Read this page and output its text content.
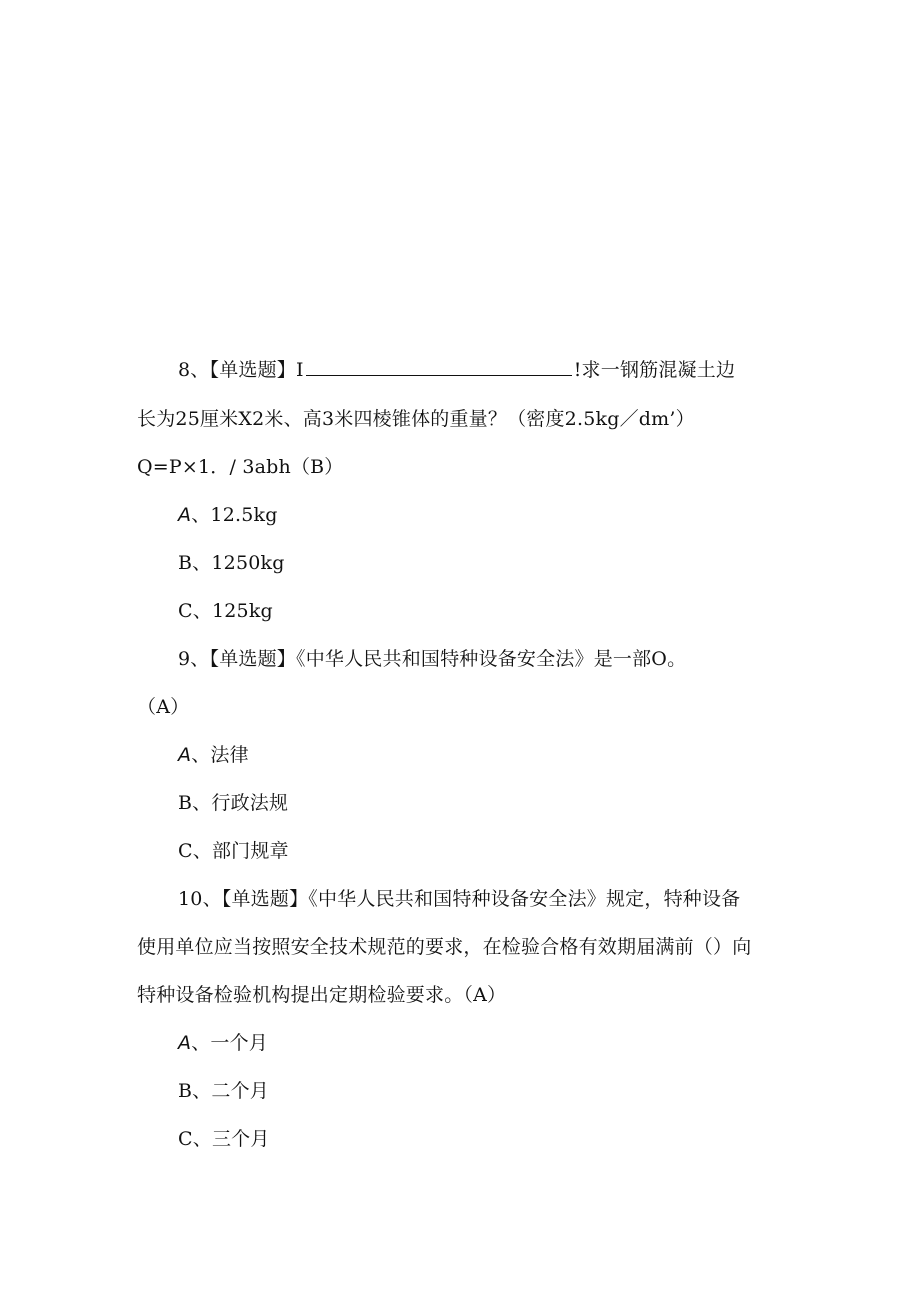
8、【单选题】I	!求一钢筋混凝土边
长为25厘米X2米、高3米四棱锥体的重量？（密度2.5kg／dm’）
Q=P×1．/ 3abh（B）
A、12.5kg
B、1250kg
C、125kg
9、【单选题】《中华人民共和国特种设备安全法》是一部O。
（A）
A、法律
B、行政法规
C、部门规章
10、【单选题】《中华人民共和国特种设备安全法》规定，特种设备
使用单位应当按照安全技术规范的要求，在检验合格有效期届满前（）向
特种设备检验机构提出定期检验要求。（A）
A、一个月
B、二个月
C、三个月
